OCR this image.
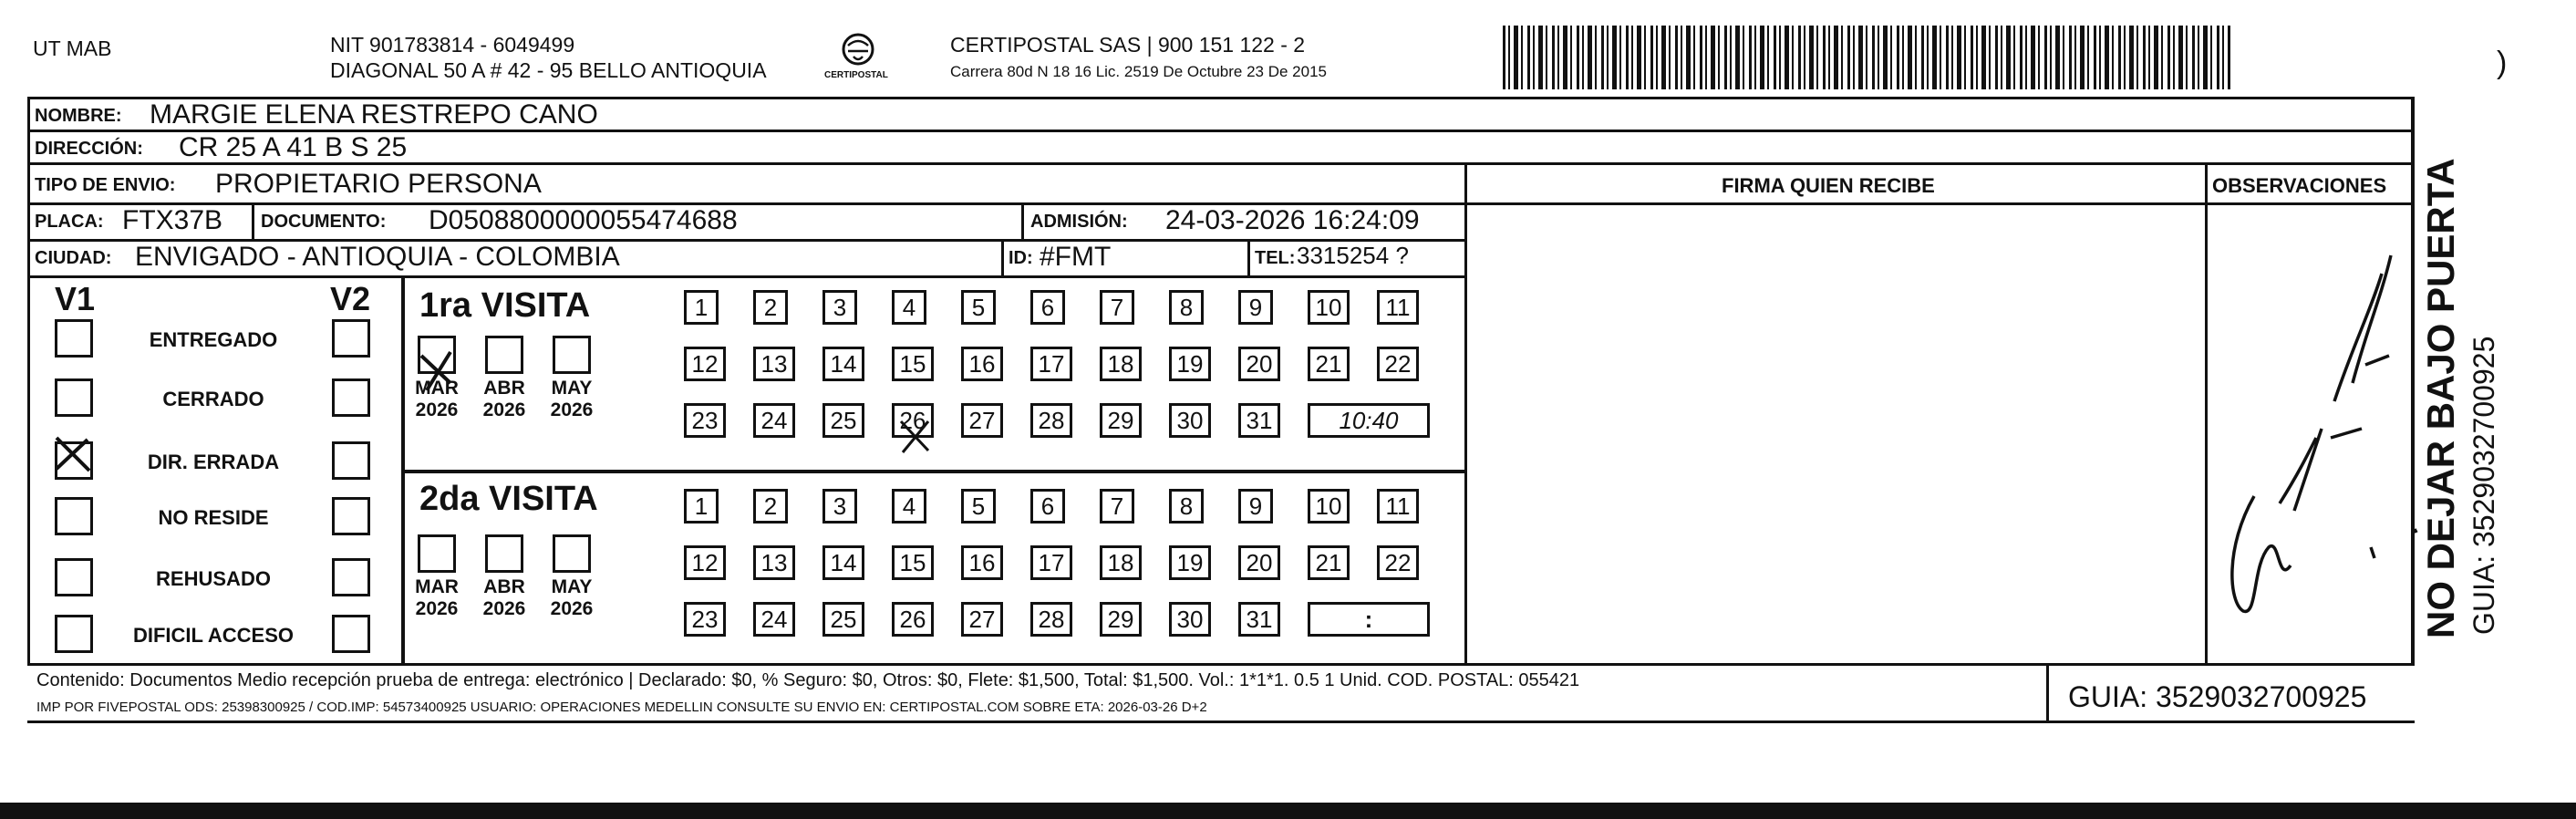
UT MAB	NIT 901783814 - 6049499
DIAGONAL 50 A # 42 - 95 BELLO ANTIOQUIA	CERTIPOSTAL
CERTIPOSTAL SAS | 900 151 122 - 2
Carrera 80d N 18 16 Lic. 2519 De Octubre 23 De 2015	)
NOMBRE: MARGIE ELENA RESTREPO CANO
DIRECCIÓN: CR 25 A 41 B S 25
TIPO DE ENVIO: PROPIETARIO PERSONA	FIRMA QUIEN RECIBE	OBSERVACIONES
PLACA: FTX37B DOCUMENTO: D0508800000055474688	ADMISIÓN: 24-03-2026 16:24:09
CIUDAD: ENVIGADO - ANTIOQUIA - COLOMBIA	ID: #FMT	TEL: 3315254 ?
V1	V2
ENTREGADO
CERRADO
DIR. ERRADA
NO RESIDE
REHUSADO
DIFICIL ACCESO
1ra VISITA
2da VISITA
1	2	3	4	5	6	7	8	9	10	11
12	13	14	15	16	17	18	19	20	21	22
23	24	25	26	27	28	29	30	31	10:40
MAR
2026
ABR
2026
MAY
2026
1	2	3	4	5	6	7	8	9	10	11
12	13	14	15	16	17	18	19	20	21	22
23	24	25	26	27	28	29	30	31	:
MAR
2026
ABR
2026
MAY
2026
Contenido: Documentos Medio recepción prueba de entrega: electrónico | Declarado: $0, % Seguro: $0, Otros: $0, Flete: $1,500, Total: $1,500. Vol.: 1*1*1. 0.5 1 Unid. COD. POSTAL: 055421
IMP POR FIVEPOSTAL ODS: 25398300925 / COD.IMP: 54573400925 USUARIO: OPERACIONES MEDELLIN CONSULTE SU ENVIO EN: CERTIPOSTAL.COM SOBRE ETA: 2026-03-26 D+2	GUIA: 3529032700925
NO DEJAR BAJO PUERTA GUIA: 3529032700925
